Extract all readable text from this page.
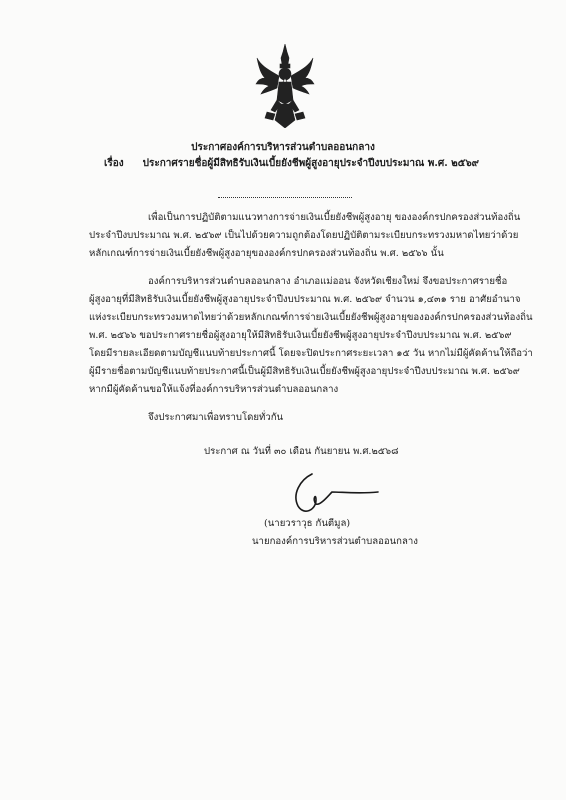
ประกาศองค์การบริหารส่วนตำบลออนกลาง
เรื่อง ประกาศรายชื่อผู้มีสิทธิรับเงินเบี้ยยังชีพผู้สูงอายุประจำปีงบประมาณ พ.ศ. ๒๕๖๙
เพื่อเป็นการปฏิบัติตามแนวทางการจ่ายเงินเบี้ยยังชีพผู้สูงอายุ ขององค์กรปกครองส่วนท้องถิ่น
ประจำปีงบประมาณ พ.ศ. ๒๕๖๙ เป็นไปด้วยความถูกต้องโดยปฏิบัติตามระเบียบกระทรวงมหาดไทยว่าด้วย
หลักเกณฑ์การจ่ายเงินเบี้ยยังชีพผู้สูงอายุขององค์กรปกครองส่วนท้องถิ่น พ.ศ. ๒๕๖๖ นั้น
องค์การบริหารส่วนตำบลออนกลาง อำเภอแม่ออน จังหวัดเชียงใหม่ จึงขอประกาศรายชื่อ
ผู้สูงอายุที่มีสิทธิรับเงินเบี้ยยังชีพผู้สูงอายุประจำปีงบประมาณ พ.ศ. ๒๕๖๙ จำนวน ๑,๔๓๑ ราย อาศัยอำนาจ
แห่งระเบียบกระทรวงมหาดไทยว่าด้วยหลักเกณฑ์การจ่ายเงินเบี้ยยังชีพผู้สูงอายุขององค์กรปกครองส่วนท้องถิ่น
พ.ศ. ๒๕๖๖ ขอประกาศรายชื่อผู้สูงอายุให้มีสิทธิรับเงินเบี้ยยังชีพผู้สูงอายุประจำปีงบประมาณ พ.ศ. ๒๕๖๙
โดยมีรายละเอียดตามบัญชีแนบท้ายประกาศนี้ โดยจะปิดประกาศระยะเวลา ๑๕ วัน หากไม่มีผู้คัดค้านให้ถือว่า
ผู้มีรายชื่อตามบัญชีแนบท้ายประกาศนี้เป็นผู้มีสิทธิรับเงินเบี้ยยังชีพผู้สูงอายุประจำปีงบประมาณ พ.ศ. ๒๕๖๙
หากมีผู้คัดค้านขอให้แจ้งที่องค์การบริหารส่วนตำบลออนกลาง
จึงประกาศมาเพื่อทราบโดยทั่วกัน
ประกาศ ณ วันที่ ๓๐ เดือน กันยายน พ.ศ.๒๕๖๘
(นายวราวุธ กันตีมูล)
นายกองค์การบริหารส่วนตำบลออนกลาง
